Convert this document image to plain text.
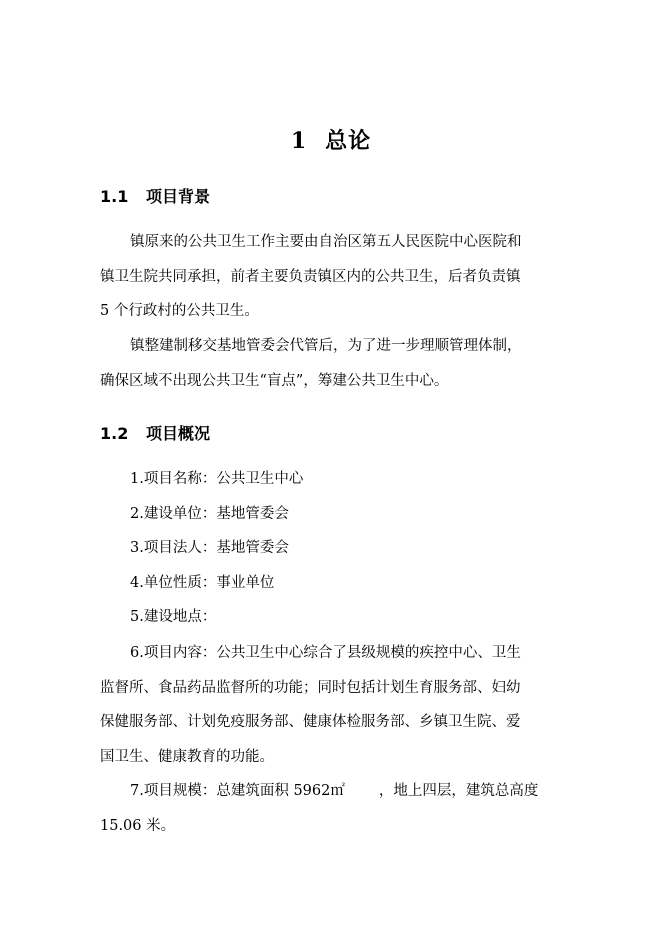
1 总论
1.1 项目背景
镇原来的公共卫生工作主要由自治区第五人民医院中心医院和
镇卫生院共同承担，前者主要负责镇区内的公共卫生，后者负责镇
5 个行政村的公共卫生。
镇整建制移交基地管委会代管后，为了进一步理顺管理体制，
确保区域不出现公共卫生“盲点”，筹建公共卫生中心。
1.2 项目概况
1.项目名称：公共卫生中心
2.建设单位：基地管委会
3.项目法人：基地管委会
4.单位性质：事业单位
5.建设地点：
6.项目内容：公共卫生中心综合了县级规模的疾控中心、卫生
监督所、食品药品监督所的功能；同时包括计划生育服务部、妇幼
保健服务部、计划免疫服务部、健康体检服务部、乡镇卫生院、爱
国卫生、健康教育的功能。
7.项目规模：总建筑面积 5962㎡ ，地上四层，建筑总高度
15.06 米。
